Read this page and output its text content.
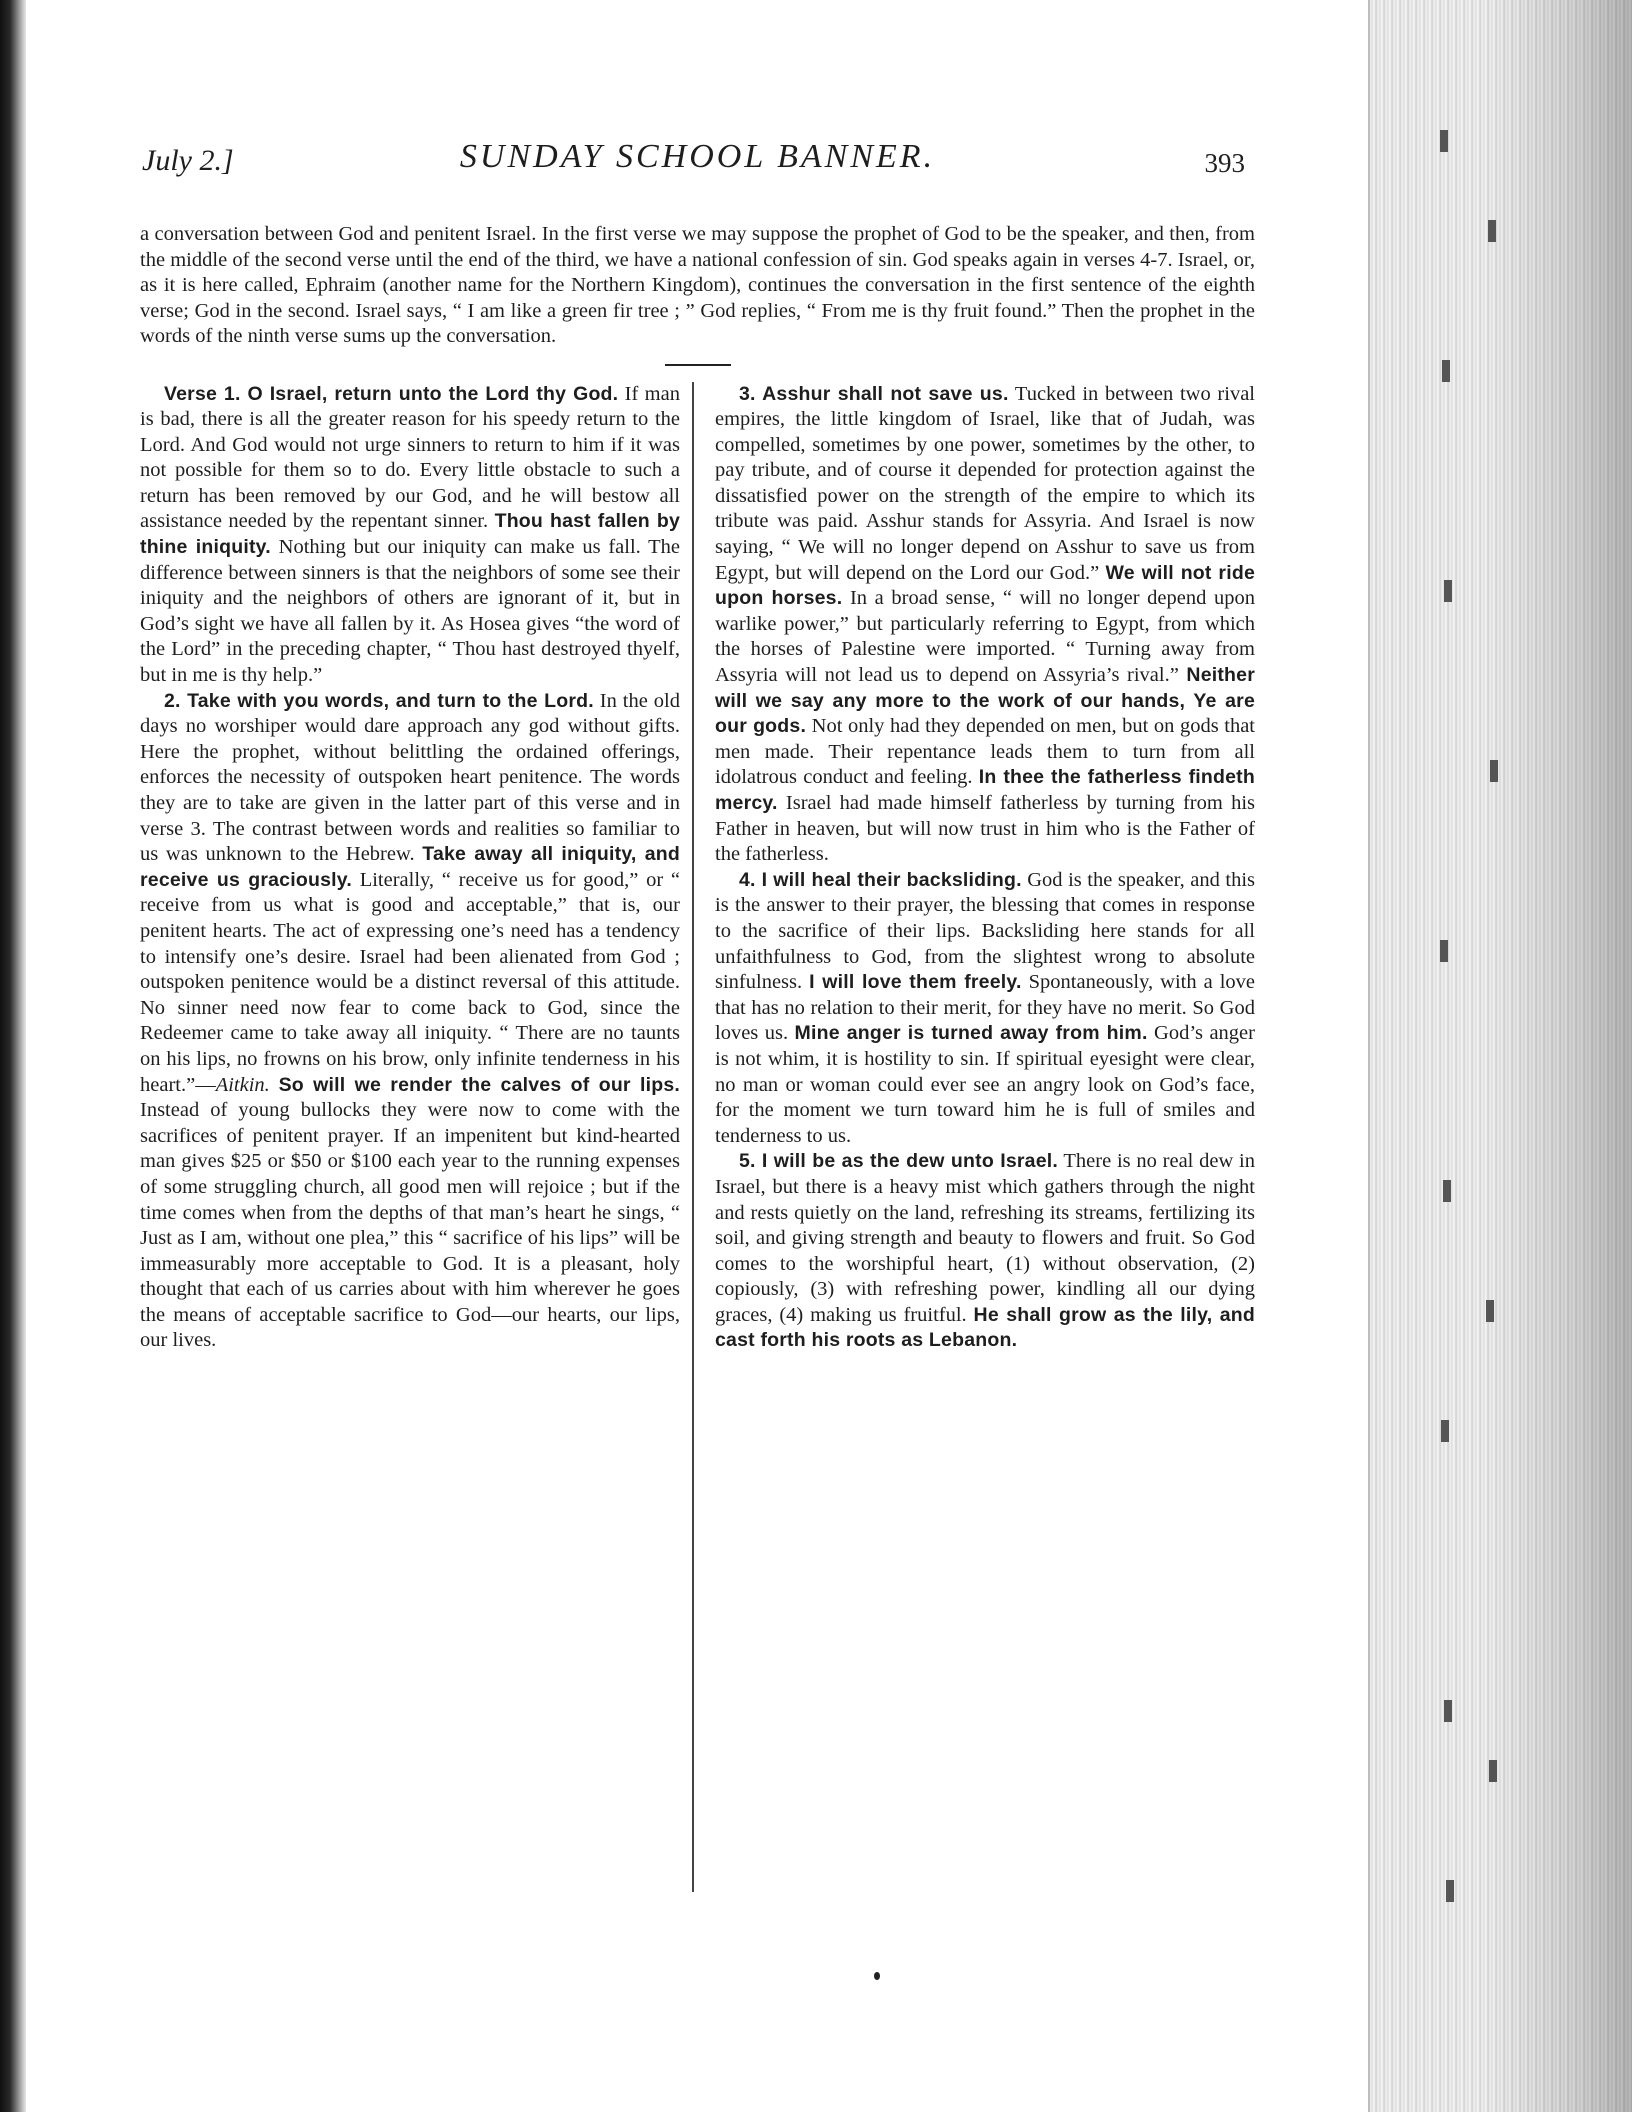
July 2.]	SUNDAY SCHOOL BANNER.	393
a conversation between God and penitent Israel. In the first verse we may suppose the prophet of God to be the speaker, and then, from the middle of the second verse until the end of the third, we have a national confession of sin. God speaks again in verses 4-7. Israel, or, as it is here called, Ephraim (another name for the Northern Kingdom), continues the conversation in the first sentence of the eighth verse; God in the second. Israel says, “ I am like a green fir tree ; ” God replies, “ From me is thy fruit found.” Then the prophet in the words of the ninth verse sums up the conversation.

Verse 1. O Israel, return unto the Lord thy God. If man is bad, there is all the greater reason for his speedy return to the Lord. And God would not urge sinners to return to him if it was not possible for them so to do. Every little obstacle to such a return has been removed by our God, and he will bestow all assistance needed by the repentant sinner. Thou hast fallen by thine iniquity. Nothing but our iniquity can make us fall. The difference between sinners is that the neighbors of some see their iniquity and the neighbors of others are ignorant of it, but in God’s sight we have all fallen by it. As Hosea gives “the word of the Lord” in the preceding chapter, “ Thou hast destroyed thyelf, but in me is thy help.”

2. Take with you words, and turn to the Lord. In the old days no worshiper would dare approach any god without gifts. Here the prophet, without belittling the ordained offerings, enforces the necessity of outspoken heart penitence. The words they are to take are given in the latter part of this verse and in verse 3. The contrast between words and realities so familiar to us was unknown to the Hebrew. Take away all iniquity, and receive us graciously. Literally, “ receive us for good,” or “ receive from us what is good and acceptable,” that is, our penitent hearts. The act of expressing one’s need has a tendency to intensify one’s desire. Israel had been alienated from God ; outspoken penitence would be a distinct reversal of this attitude. No sinner need now fear to come back to God, since the Redeemer came to take away all iniquity. “ There are no taunts on his lips, no frowns on his brow, only infinite tenderness in his heart.”—Aitkin. So will we render the calves of our lips. Instead of young bullocks they were now to come with the sacrifices of penitent prayer. If an impenitent but kind-hearted man gives $25 or $50 or $100 each year to the running expenses of some struggling church, all good men will rejoice ; but if the time comes when from the depths of that man’s heart he sings, “ Just as I am, without one plea,” this “ sacrifice of his lips” will be immeasurably more acceptable to God. It is a pleasant, holy thought that each of us carries about with him wherever he goes the means of acceptable sacrifice to God—our hearts, our lips, our lives.

3. Asshur shall not save us. Tucked in between two rival empires, the little kingdom of Israel, like that of Judah, was compelled, sometimes by one power, sometimes by the other, to pay tribute, and of course it depended for protection against the dissatisfied power on the strength of the empire to which its tribute was paid. Asshur stands for Assyria. And Israel is now saying, “ We will no longer depend on Asshur to save us from Egypt, but will depend on the Lord our God.” We will not ride upon horses. In a broad sense, “ will no longer depend upon warlike power,” but particularly referring to Egypt, from which the horses of Palestine were imported. “ Turning away from Assyria will not lead us to depend on Assyria’s rival.” Neither will we say any more to the work of our hands, Ye are our gods. Not only had they depended on men, but on gods that men made. Their repentance leads them to turn from all idolatrous conduct and feeling. In thee the fatherless findeth mercy. Israel had made himself fatherless by turning from his Father in heaven, but will now trust in him who is the Father of the fatherless.

4. I will heal their backsliding. God is the speaker, and this is the answer to their prayer, the blessing that comes in response to the sacrifice of their lips. Backsliding here stands for all unfaithfulness to God, from the slightest wrong to absolute sinfulness. I will love them freely. Spontaneously, with a love that has no relation to their merit, for they have no merit. So God loves us. Mine anger is turned away from him. God’s anger is not whim, it is hostility to sin. If spiritual eyesight were clear, no man or woman could ever see an angry look on God’s face, for the moment we turn toward him he is full of smiles and tenderness to us.

5. I will be as the dew unto Israel. There is no real dew in Israel, but there is a heavy mist which gathers through the night and rests quietly on the land, refreshing its streams, fertilizing its soil, and giving strength and beauty to flowers and fruit. So God comes to the worshipful heart, (1) without observation, (2) copiously, (3) with refreshing power, kindling all our dying graces, (4) making us fruitful. He shall grow as the lily, and cast forth his roots as Lebanon.
